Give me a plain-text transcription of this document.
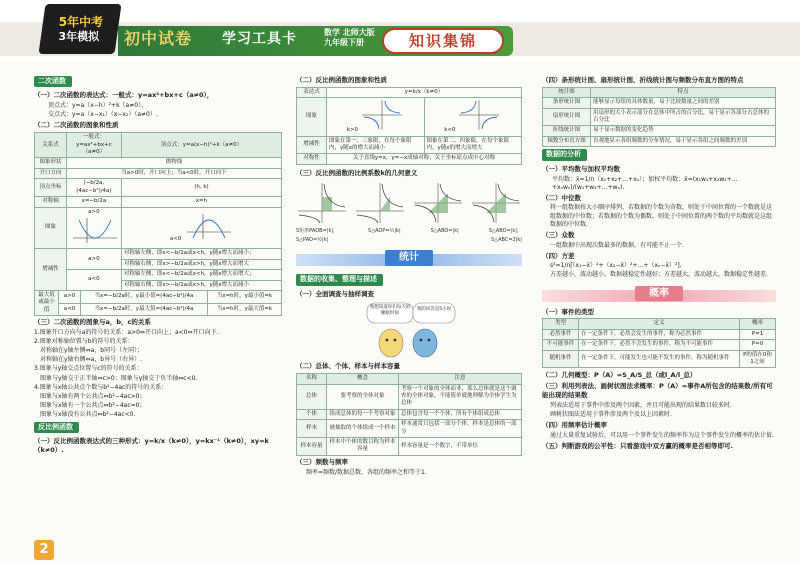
5年中考
3年模拟	初中试卷 学习工具卡	数学 北师大版
九年级下册	知识集锦
二次函数

（一）二次函数的表达式：一般式：y=ax²+bx+c（a≠0），

顶点式：y=a（x−h）²+k（a≠0），

交点式：y=a（x−x₁）（x−x₂）（a≠0）.

（二）二次函数的图象和性质

关系式	一般式：y=ax²+bx+c（a≠0）	顶点式：y=a(x−h)²+k（a≠0）
图象形状	抛物线	
开口方向	当a>0时，开口向上；当a<0时，开口向下	
顶点坐标	(−b/2a, (4ac−b²)/4a)	(h, k)
对称轴	x=−b/2a	x=h
图象	a>0	a<0
增减性	a>0	对称轴左侧，即x<−b/2a或x<h，y随x增大而减小；
		对称轴右侧，即x>−b/2a或x>h，y随x增大而增大
	a<0	对称轴左侧，即x<−b/2a或x<h，y随x增大而增大；
		对称轴右侧，即x>−b/2a或x>h，y随x增大而减小
最大值或最小值	a>0	当x=−b/2a时，y最小值=(4ac−b²)/4a	当x=h时，y最小值=k
	a<0	当x=−b/2a时，y最大值=(4ac−b²)/4a	当x=h时，y最大值=k

（三）二次函数的图象与a，b，c的关系

1.图象开口方向与a的符号的关系：a>0⇔开口向上；a<0⇔开口向下.

2.图象对称轴位置与b的符号的关系：

　对称轴在y轴左侧⇔a，b同号（左同）；

　对称轴在y轴右侧⇔a，b异号（右异）.

3.图象与y轴交点位置与c的符号的关系：

　图象与y轴交于正半轴⇔c>0；图象与y轴交于负半轴⇔c<0.

4.图象与x轴公共点个数与b²−4ac的符号的关系：

　图象与x轴有两个公共点⇔b²−4ac>0；

　图象与x轴有一个公共点⇔b²−4ac=0；

　图象与x轴没有公共点⇔b²−4ac<0.

反比例函数

（一）反比例函数表达式的三种形式：y=k/x（k≠0），y=kx⁻¹（k≠0），xy=k（k≠0）.

（二）反比例函数的图象和性质

表达式	y=k/x（k≠0）	
图象	k>0	k<0
增减性	图象在第一、三象限，在每个象限内，y随x的增大而减小	图象在第二、四象限，在每个象限内，y随x的增大而增大
对称性	关于直线y=x，y=−x成轴对称；关于坐标原点成中心对称	

（三）反比例函数的比例系数k的几何意义

S矩形PAOB=|k|，	S△AOP=½|k|	S△ABO=|k|	S△ABO=|k|，
S△PAO=½|k|	S△ABC=2|k|
统计
数据的收集、整理与描述

（一）全面调查与抽样调查

我想知道你们每天的睡眠时间
我的回答是5小时

（二）总体、个体、样本与样本容量

名称	概念	注意
总体	要考察的全体对象	考察一个对象的全体而非，那么总体就是这个调查的全体对象，不能简单就地理解为全体学生为总体
个体	组成总体的每一个考察对象	总体包含每一个个体，所有个体组成总体
样本	被抽取的个体组成一个样本	样本通常只包括一部分个体，样本是总体的一部分
样本容量	样本中个体的数目称为样本容量	样本容量是一个数字，不带单位

（三）频数与频率

频率=频数/数据总数，各组的频率之和等于1.

（四）条形统计图、扇形统计图、折线统计图与频数分布直方图的特点

统计图	特点
条形统计图	能够显示每组的具体数量，易于比较数量之间的差别
扇形统计图	用扇形的大小表示部分在总体中所占的百分比，易于显示各部分占总体的百分比
折线统计图	易于显示数据的变化趋势
频数分布直方图	直观地显示各组频数的分布情况，易于显示各组之间频数的差别
数据的分析

（一）平均数与加权平均数

平均数：x̄=1/n（x₁+x₂+…+xₙ）；加权平均数：x̄=(x₁w₁+x₂w₂+…+xₙwₙ)/(w₁+w₂+…+wₙ).

（二）中位数

将一组数据按大小顺序排列，若数据的个数为奇数，则处于中间位置的一个数就是这组数据的中位数；若数据的个数为偶数，则处于中间位置的两个数的平均数就是这组数据的中位数.

（三）众数

一组数据中出现次数最多的数据，有可能不止一个.

（四）方差

s²=1/n[（x₁−x̄）²+（x₂−x̄）²+…+（xₙ−x̄）²].

方差越小，波动越小，数据越稳定性越好；方差越大，波动越大，数据稳定性越差.

概率

（一）事件的类型

类型	定义	概率
必然事件	在一定条件下，必然会发生的事件，称为必然事件	P=1
不可能事件	在一定条件下，必然不会发生的事件，称为不可能事件	P=0
随机事件	在一定条件下，可能发生也可能不发生的事件，称为随机事件	P的值在0和1之间

（二）几何概型：P（A）=S_A/S_总（或l_A/l_总）

（三）利用列表法、画树状图法求概率：P（A）=事件A所包含的结果数/所有可能出现的结果数

列表法适用于事件中涉及两个因素，并且可能出现的结果数目较多时.

画树状图法适用于事件涉及两个及以上因素时.

（四）用频率估计概率

通过大量重复试验后，可以用一个事件发生的频率作为这个事件发生的概率的估计值.

（五）判断游戏的公平性：只看游戏中双方赢的概率是否相等即可.

2
